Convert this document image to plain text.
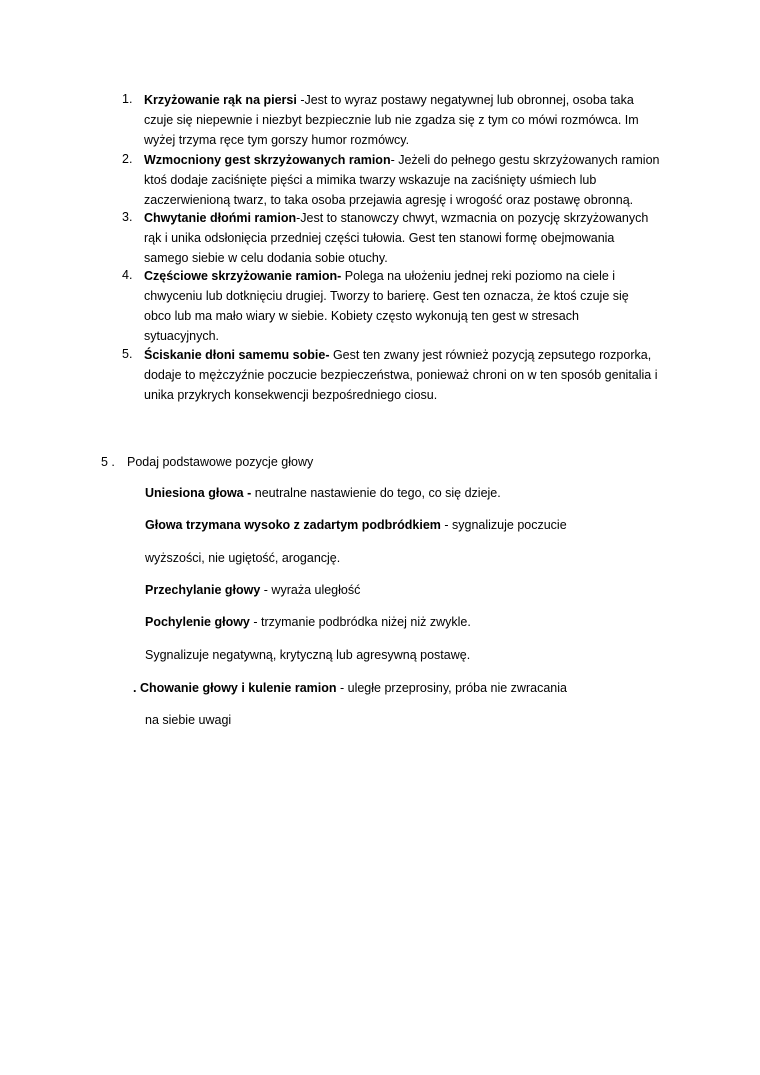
1. Krzyżowanie rąk na piersi -Jest to wyraz postawy negatywnej lub obronnej, osoba taka
czuje się niepewnie i niezbyt bezpiecznie lub nie zgadza się z tym co mówi rozmówca. Im
wyżej trzyma ręce tym gorszy humor rozmówcy.
2. Wzmocniony gest skrzyżowanych ramion- Jeżeli do pełnego gestu skrzyżowanych ramion
ktoś dodaje zaciśnięte pięści a mimika twarzy wskazuje na zaciśnięty uśmiech lub
zaczerwienioną twarz, to taka osoba przejawia agresję i wrogość oraz postawę obronną.
3. Chwytanie dłońmi ramion-Jest to stanowczy chwyt, wzmacnia on pozycję skrzyżowanych
rąk i unika odsłonięcia przedniej części tułowia. Gest ten stanowi formę obejmowania
samego siebie w celu dodania sobie otuchy.
4. Częściowe skrzyżowanie ramion- Polega na ułożeniu jednej reki poziomo na ciele i
chwyceniu lub dotknięciu drugiej. Tworzy to barierę. Gest ten oznacza, że ktoś czuje się
obco lub ma mało wiary w siebie. Kobiety często wykonują ten gest w stresach
sytuacyjnych.
5. Ściskanie dłoni samemu sobie- Gest ten zwany jest również pozycją zepsutego rozporka,
dodaje to mężczyźnie poczucie bezpieczeństwa, ponieważ chroni on w ten sposób genitalia i
unika przykrych konsekwencji bezpośredniego ciosu.
5 . Podaj podstawowe pozycje głowy
Uniesiona głowa - neutralne nastawienie do tego, co się dzieje.
Głowa trzymana wysoko z zadartym podbródkiem - sygnalizuje poczucie
wyższości, nie ugiętość, arogancję.
Przechylanie głowy - wyraża uległość
Pochylenie głowy - trzymanie podbródka niżej niż zwykle.
Sygnalizuje negatywną, krytyczną lub agresywną postawę.
. Chowanie głowy i kulenie ramion - uległe przeprosiny, próba nie zwracania
na siebie uwagi
